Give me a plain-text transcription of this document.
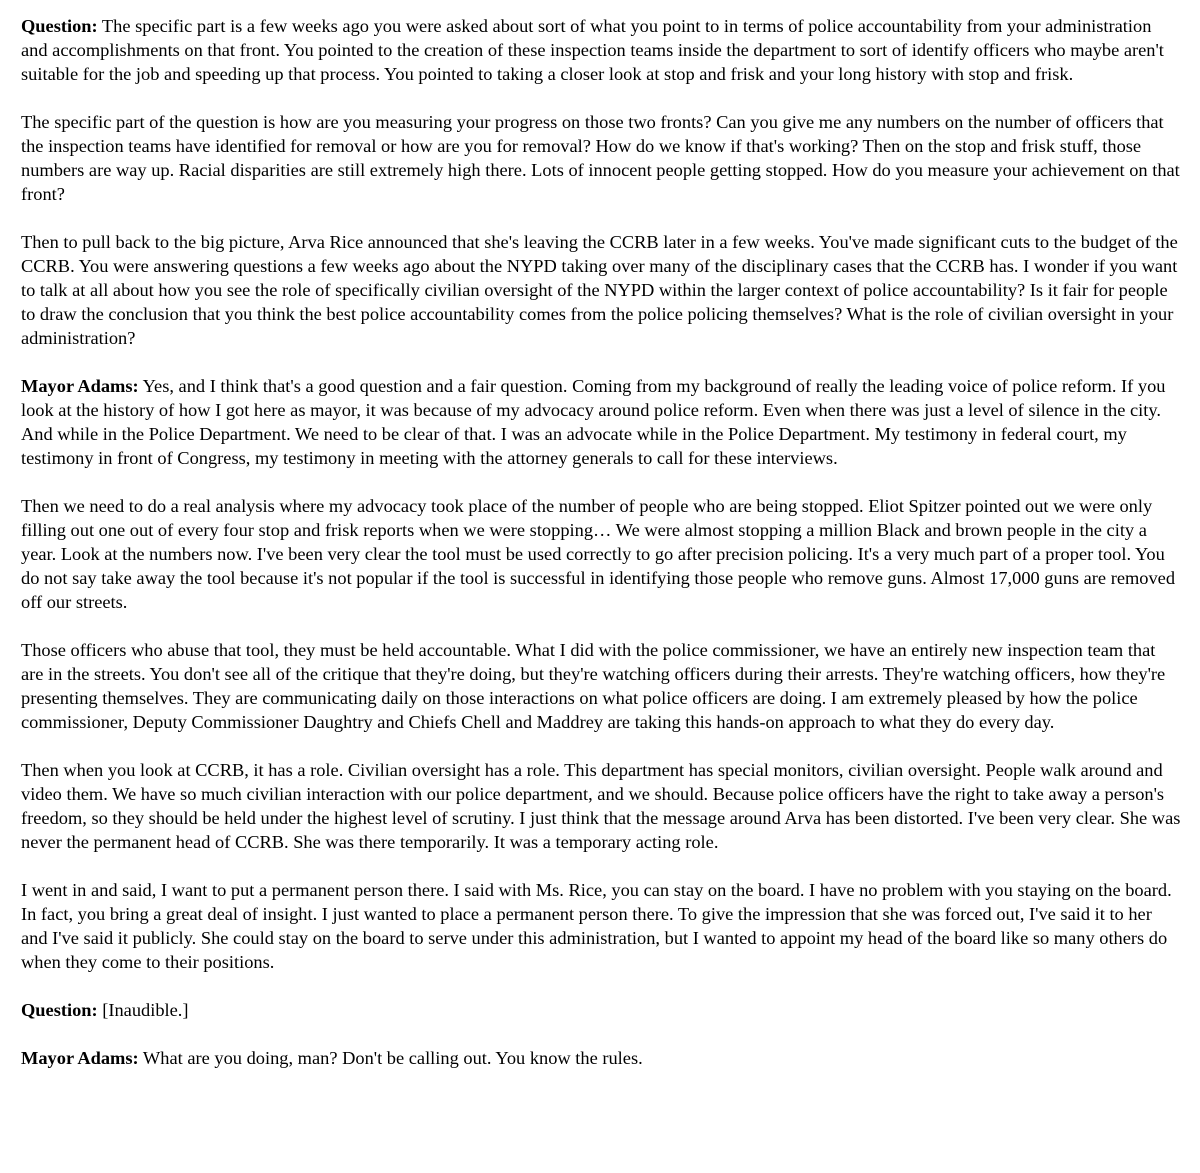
Question: The specific part is a few weeks ago you were asked about sort of what you point to in terms of police accountability from your administration and accomplishments on that front. You pointed to the creation of these inspection teams inside the department to sort of identify officers who maybe aren't suitable for the job and speeding up that process. You pointed to taking a closer look at stop and frisk and your long history with stop and frisk.

The specific part of the question is how are you measuring your progress on those two fronts? Can you give me any numbers on the number of officers that the inspection teams have identified for removal or how are you for removal? How do we know if that's working? Then on the stop and frisk stuff, those numbers are way up. Racial disparities are still extremely high there. Lots of innocent people getting stopped. How do you measure your achievement on that front?

Then to pull back to the big picture, Arva Rice announced that she's leaving the CCRB later in a few weeks. You've made significant cuts to the budget of the CCRB. You were answering questions a few weeks ago about the NYPD taking over many of the disciplinary cases that the CCRB has. I wonder if you want to talk at all about how you see the role of specifically civilian oversight of the NYPD within the larger context of police accountability? Is it fair for people to draw the conclusion that you think the best police accountability comes from the police policing themselves? What is the role of civilian oversight in your administration?

Mayor Adams: Yes, and I think that's a good question and a fair question. Coming from my background of really the leading voice of police reform. If you look at the history of how I got here as mayor, it was because of my advocacy around police reform. Even when there was just a level of silence in the city. And while in the Police Department. We need to be clear of that. I was an advocate while in the Police Department. My testimony in federal court, my testimony in front of Congress, my testimony in meeting with the attorney generals to call for these interviews.

Then we need to do a real analysis where my advocacy took place of the number of people who are being stopped. Eliot Spitzer pointed out we were only filling out one out of every four stop and frisk reports when we were stopping… We were almost stopping a million Black and brown people in the city a year. Look at the numbers now. I've been very clear the tool must be used correctly to go after precision policing. It's a very much part of a proper tool. You do not say take away the tool because it's not popular if the tool is successful in identifying those people who remove guns. Almost 17,000 guns are removed off our streets.

Those officers who abuse that tool, they must be held accountable. What I did with the police commissioner, we have an entirely new inspection team that are in the streets. You don't see all of the critique that they're doing, but they're watching officers during their arrests. They're watching officers, how they're presenting themselves. They are communicating daily on those interactions on what police officers are doing. I am extremely pleased by how the police commissioner, Deputy Commissioner Daughtry and Chiefs Chell and Maddrey are taking this hands-on approach to what they do every day.

Then when you look at CCRB, it has a role. Civilian oversight has a role. This department has special monitors, civilian oversight. People walk around and video them. We have so much civilian interaction with our police department, and we should. Because police officers have the right to take away a person's freedom, so they should be held under the highest level of scrutiny. I just think that the message around Arva has been distorted. I've been very clear. She was never the permanent head of CCRB. She was there temporarily. It was a temporary acting role.

I went in and said, I want to put a permanent person there. I said with Ms. Rice, you can stay on the board. I have no problem with you staying on the board. In fact, you bring a great deal of insight. I just wanted to place a permanent person there. To give the impression that she was forced out, I've said it to her and I've said it publicly. She could stay on the board to serve under this administration, but I wanted to appoint my head of the board like so many others do when they come to their positions.

Question: [Inaudible.]

Mayor Adams: What are you doing, man? Don't be calling out. You know the rules.
